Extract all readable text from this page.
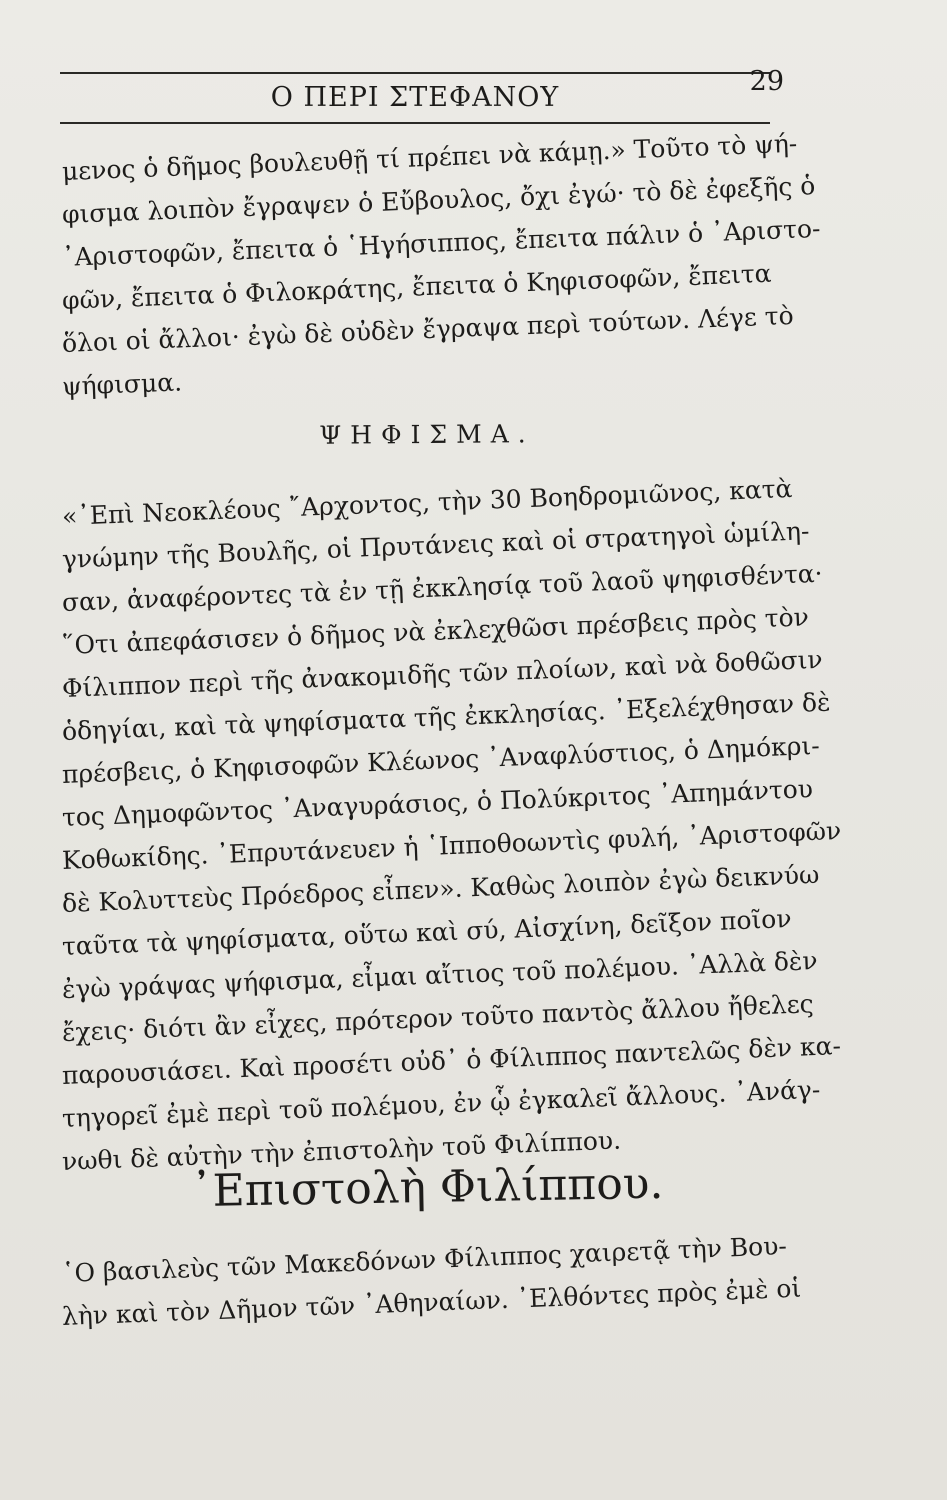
Ο ΠΕΡΙ ΣΤΕΦΑΝΟΥ
29
μενος ὁ δῆμος βουλευθῇ τί πρέπει νὰ κάμῃ.» Τοῦτο τὸ ψή-
φισμα λοιπὸν ἔγραψεν ὁ Εὔβουλος, ὄχι ἐγώ· τὸ δὲ ἐφεξῆς ὁ
᾿Αριστοφῶν, ἔπειτα ὁ ῾Ηγήσιππος, ἔπειτα πάλιν ὁ ᾿Αριστο-
φῶν, ἔπειτα ὁ Φιλοκράτης, ἔπειτα ὁ Κηφισοφῶν, ἔπειτα
ὅλοι οἱ ἄλλοι· ἐγὼ δὲ οὐδὲν ἔγραψα περὶ τούτων. Λέγε τὸ
ψήφισμα.
ΨΗΦΙΣΜΑ.
«᾿Επὶ Νεοκλέους ῎Αρχοντος, τὴν 30 Βοηδρομιῶνος, κατὰ
γνώμην τῆς Βουλῆς, οἱ Πρυτάνεις καὶ οἱ στρατηγοὶ ὡμίλη-
σαν, ἀναφέροντες τὰ ἐν τῇ ἐκκλησίᾳ τοῦ λαοῦ ψηφισθέντα·
῞Οτι ἀπεφάσισεν ὁ δῆμος νὰ ἐκλεχθῶσι πρέσβεις πρὸς τὸν
Φίλιππον περὶ τῆς ἀνακομιδῆς τῶν πλοίων, καὶ νὰ δοθῶσιν
ὁδηγίαι, καὶ τὰ ψηφίσματα τῆς ἐκκλησίας. ᾿Εξελέχθησαν δὲ
πρέσβεις, ὁ Κηφισοφῶν Κλέωνος ᾿Αναφλύστιος, ὁ Δημόκρι-
τος Δημοφῶντος ᾿Αναγυράσιος, ὁ Πολύκριτος ᾿Απημάντου
Κοθωκίδης. ᾿Επρυτάνευεν ἡ ῾Ιπποθοωντὶς φυλή, ᾿Αριστοφῶν
δὲ Κολυττεὺς Πρόεδρος εἶπεν». Καθὼς λοιπὸν ἐγὼ δεικνύω
ταῦτα τὰ ψηφίσματα, οὕτω καὶ σύ, Αἰσχίνη, δεῖξον ποῖον
ἐγὼ γράψας ψήφισμα, εἶμαι αἴτιος τοῦ πολέμου. ᾿Αλλὰ δὲν
ἔχεις· διότι ἂν εἶχες, πρότερον τοῦτο παντὸς ἄλλου ἤθελες
παρουσιάσει. Καὶ προσέτι οὐδ᾿ ὁ Φίλιππος παντελῶς δὲν κα-
τηγορεῖ ἐμὲ περὶ τοῦ πολέμου, ἐν ᾧ ἐγκαλεῖ ἄλλους. ᾿Ανάγ-
νωθι δὲ αὐτὴν τὴν ἐπιστολὴν τοῦ Φιλίππου.
᾿Επιστολὴ Φιλίππου.
῾Ο βασιλεὺς τῶν Μακεδόνων Φίλιππος χαιρετᾷ τὴν Βου-
λὴν καὶ τὸν Δῆμον τῶν ᾿Αθηναίων. ᾿Ελθόντες πρὸς ἐμὲ οἱ
